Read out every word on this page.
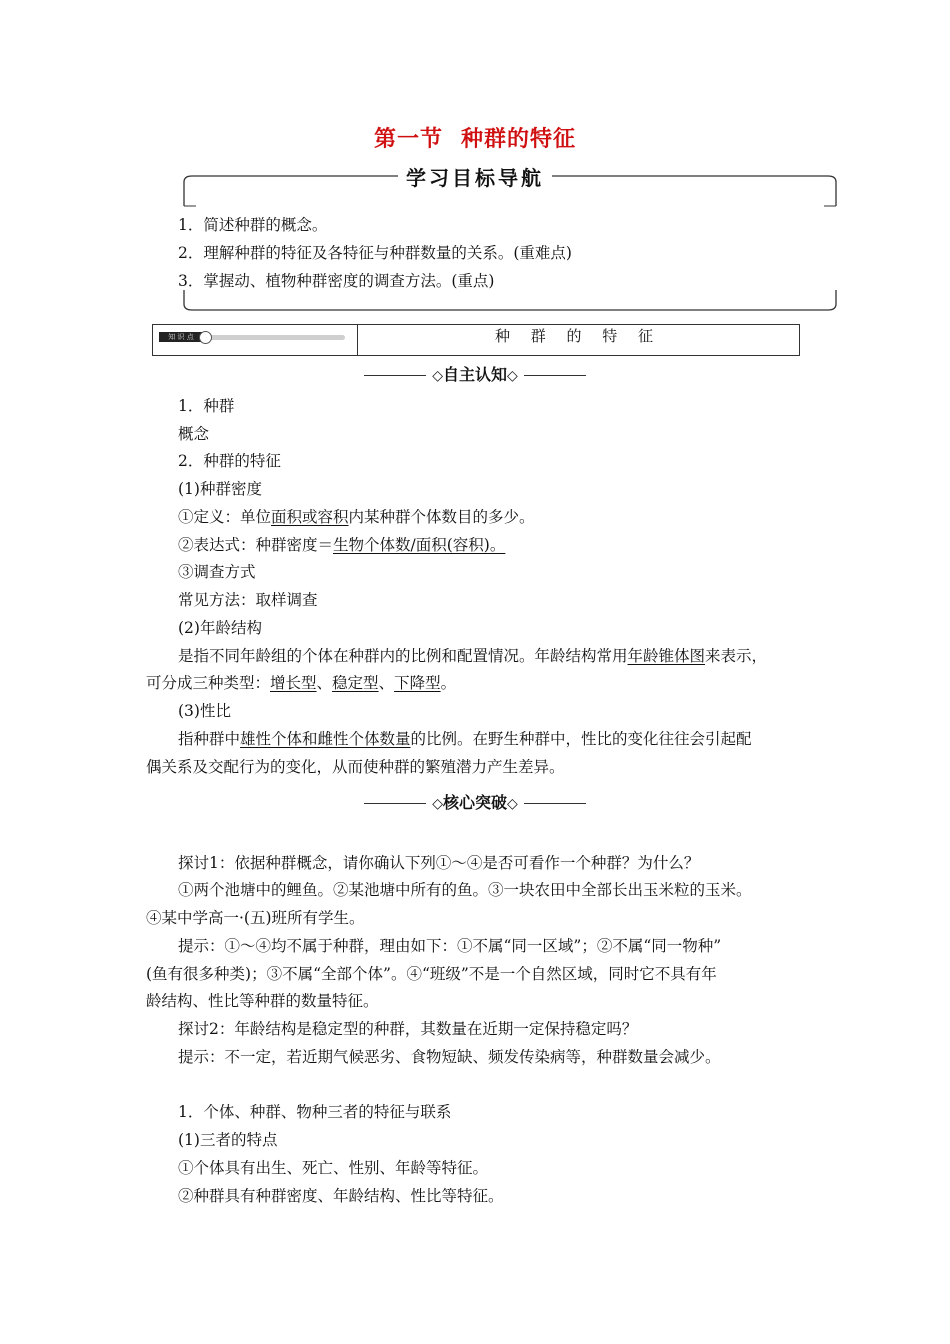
第一节 种群的特征
学习目标导航
1．简述种群的概念。
2．理解种群的特征及各特征与种群数量的关系。(重难点)
3．掌握动、植物种群密度的调查方法。(重点)
知 识 点	种 群 的 特 征
◇自主认知◇
1．种群
概念
2．种群的特征
(1)种群密度
①定义：单位面积或容积内某种群个体数目的多少。
②表达式：种群密度＝生物个体数/面积(容积)。
③调查方式
常见方法：取样调查
(2)年龄结构
是指不同年龄组的个体在种群内的比例和配置情况。年龄结构常用年龄锥体图来表示，
可分成三种类型：增长型、稳定型、下降型。
(3)性比
指种群中雄性个体和雌性个体数量的比例。在野生种群中，性比的变化往往会引起配
偶关系及交配行为的变化，从而使种群的繁殖潜力产生差异。
◇核心突破◇
探讨1：依据种群概念，请你确认下列①～④是否可看作一个种群？为什么？
①两个池塘中的鲤鱼。②某池塘中所有的鱼。③一块农田中全部长出玉米粒的玉米。
④某中学高一·(五)班所有学生。
提示：①～④均不属于种群，理由如下：①不属“同一区域”；②不属“同一物种”
(鱼有很多种类)；③不属“全部个体”。④“班级”不是一个自然区域，同时它不具有年
龄结构、性比等种群的数量特征。
探讨2：年龄结构是稳定型的种群，其数量在近期一定保持稳定吗？
提示：不一定，若近期气候恶劣、食物短缺、频发传染病等，种群数量会减少。
1．个体、种群、物种三者的特征与联系
(1)三者的特点
①个体具有出生、死亡、性别、年龄等特征。
②种群具有种群密度、年龄结构、性比等特征。
